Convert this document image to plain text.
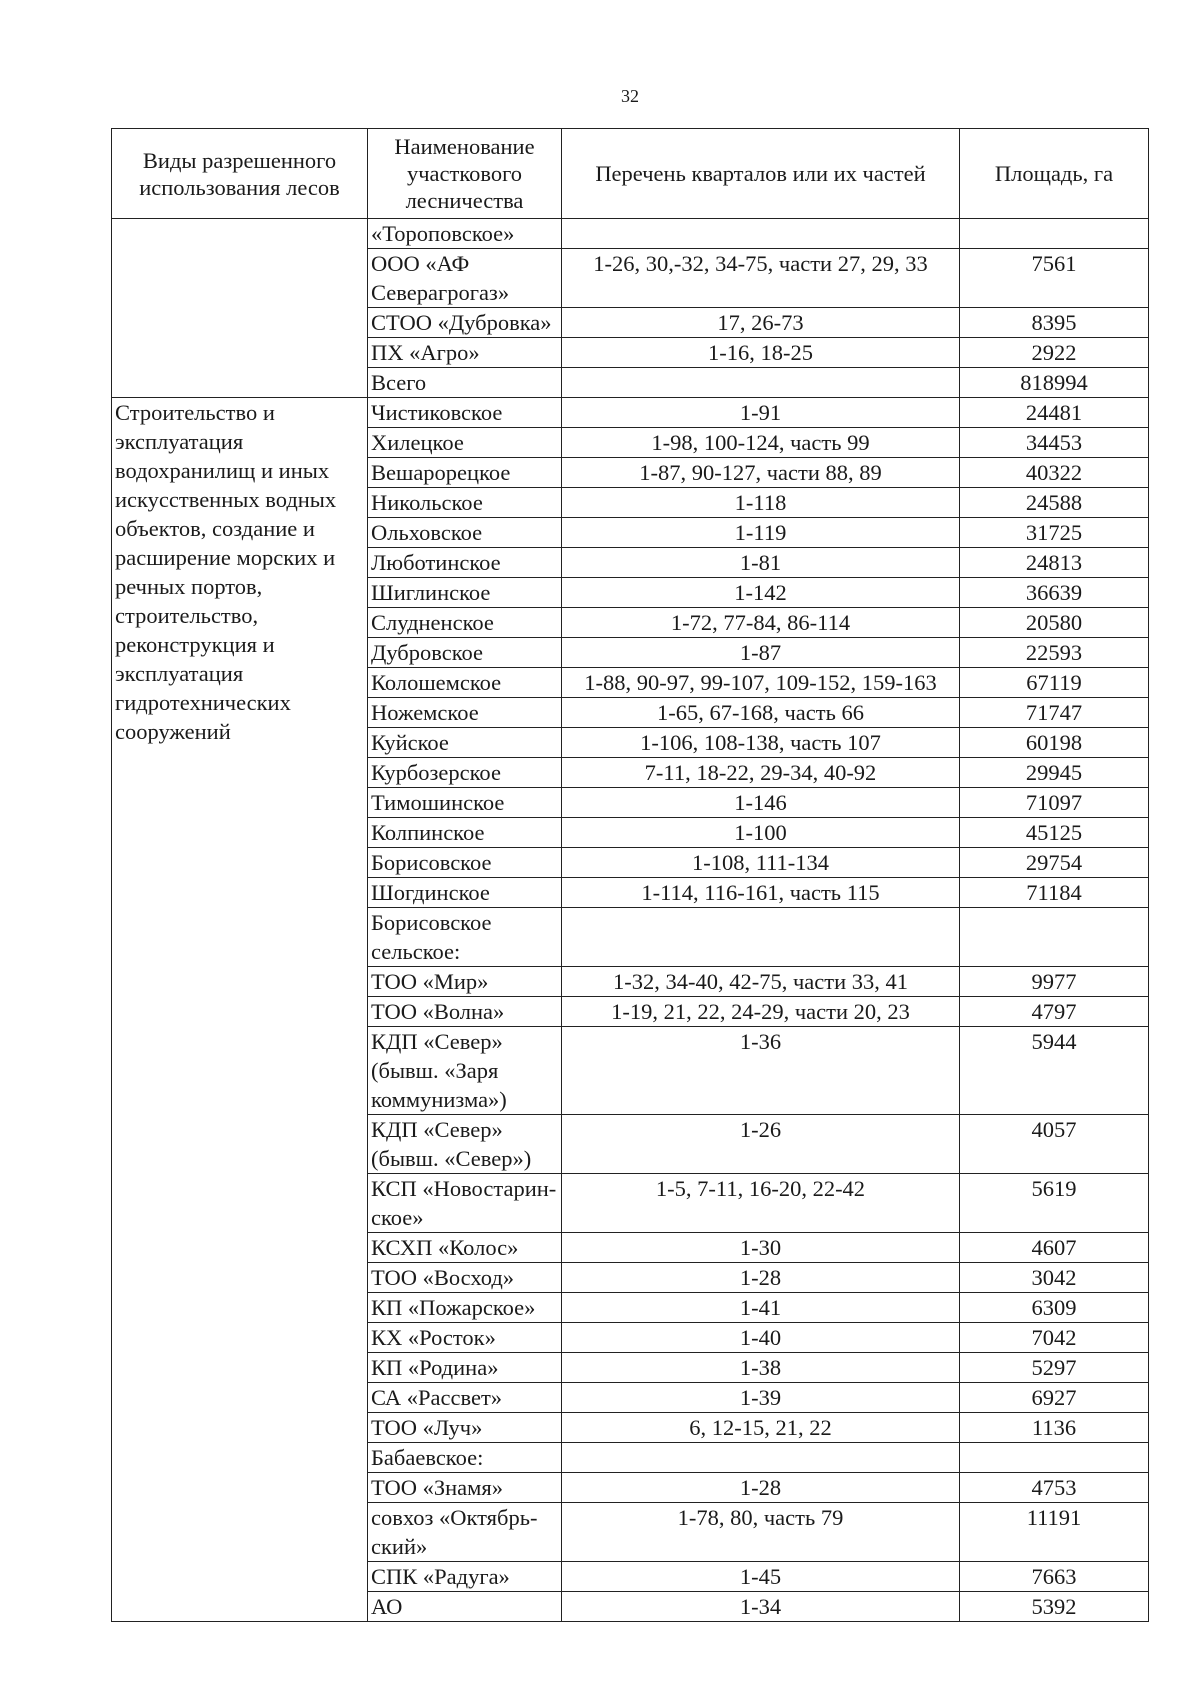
32
Виды разрешенного использования лесов	Наименование участкового лесничества	Перечень кварталов или их частей	Площадь, га
	«Тороповское»		
	ООО «АФ Северагрогаз»	1-26, 30,-32, 34-75, части 27, 29, 33	7561
	СТОО «Дубровка»	17, 26-73	8395
	ПХ «Агро»	1-16, 18-25	2922
	Всего		818994
Строительство и эксплуатация водохранилищ и иных искусственных водных объектов, создание и расширение морских и речных портов, строительство, реконструкция и эксплуатация гидротехнических сооружений	Чистиковское	1-91	24481
	Хилецкое	1-98, 100-124, часть 99	34453
	Вешарорецкое	1-87, 90-127, части 88, 89	40322
	Никольское	1-118	24588
	Ольховское	1-119	31725
	Люботинское	1-81	24813
	Шиглинское	1-142	36639
	Слудненское	1-72, 77-84, 86-114	20580
	Дубровское	1-87	22593
	Колошемское	1-88, 90-97, 99-107, 109-152, 159-163	67119
	Ножемское	1-65, 67-168, часть 66	71747
	Куйское	1-106, 108-138, часть 107	60198
	Курбозерское	7-11, 18-22, 29-34, 40-92	29945
	Тимошинское	1-146	71097
	Колпинское	1-100	45125
	Борисовское	1-108, 111-134	29754
	Шогдинское	1-114, 116-161, часть 115	71184
	Борисовское сельское:		
	ТОО «Мир»	1-32, 34-40, 42-75, части 33, 41	9977
	ТОО «Волна»	1-19, 21, 22, 24-29, части 20, 23	4797
	КДП «Север» (бывш. «Заря коммунизма»)	1-36	5944
	КДП «Север» (бывш. «Север»)	1-26	4057
	КСП «Новостарин-ское»	1-5, 7-11, 16-20, 22-42	5619
	КСХП «Колос»	1-30	4607
	ТОО «Восход»	1-28	3042
	КП «Пожарское»	1-41	6309
	КХ «Росток»	1-40	7042
	КП «Родина»	1-38	5297
	СА «Рассвет»	1-39	6927
	ТОО «Луч»	6, 12-15, 21, 22	1136
	Бабаевское:		
	ТОО «Знамя»	1-28	4753
	совхоз «Октябрь-ский»	1-78, 80, часть 79	11191
	СПК «Радуга»	1-45	7663
	АО	1-34	5392
